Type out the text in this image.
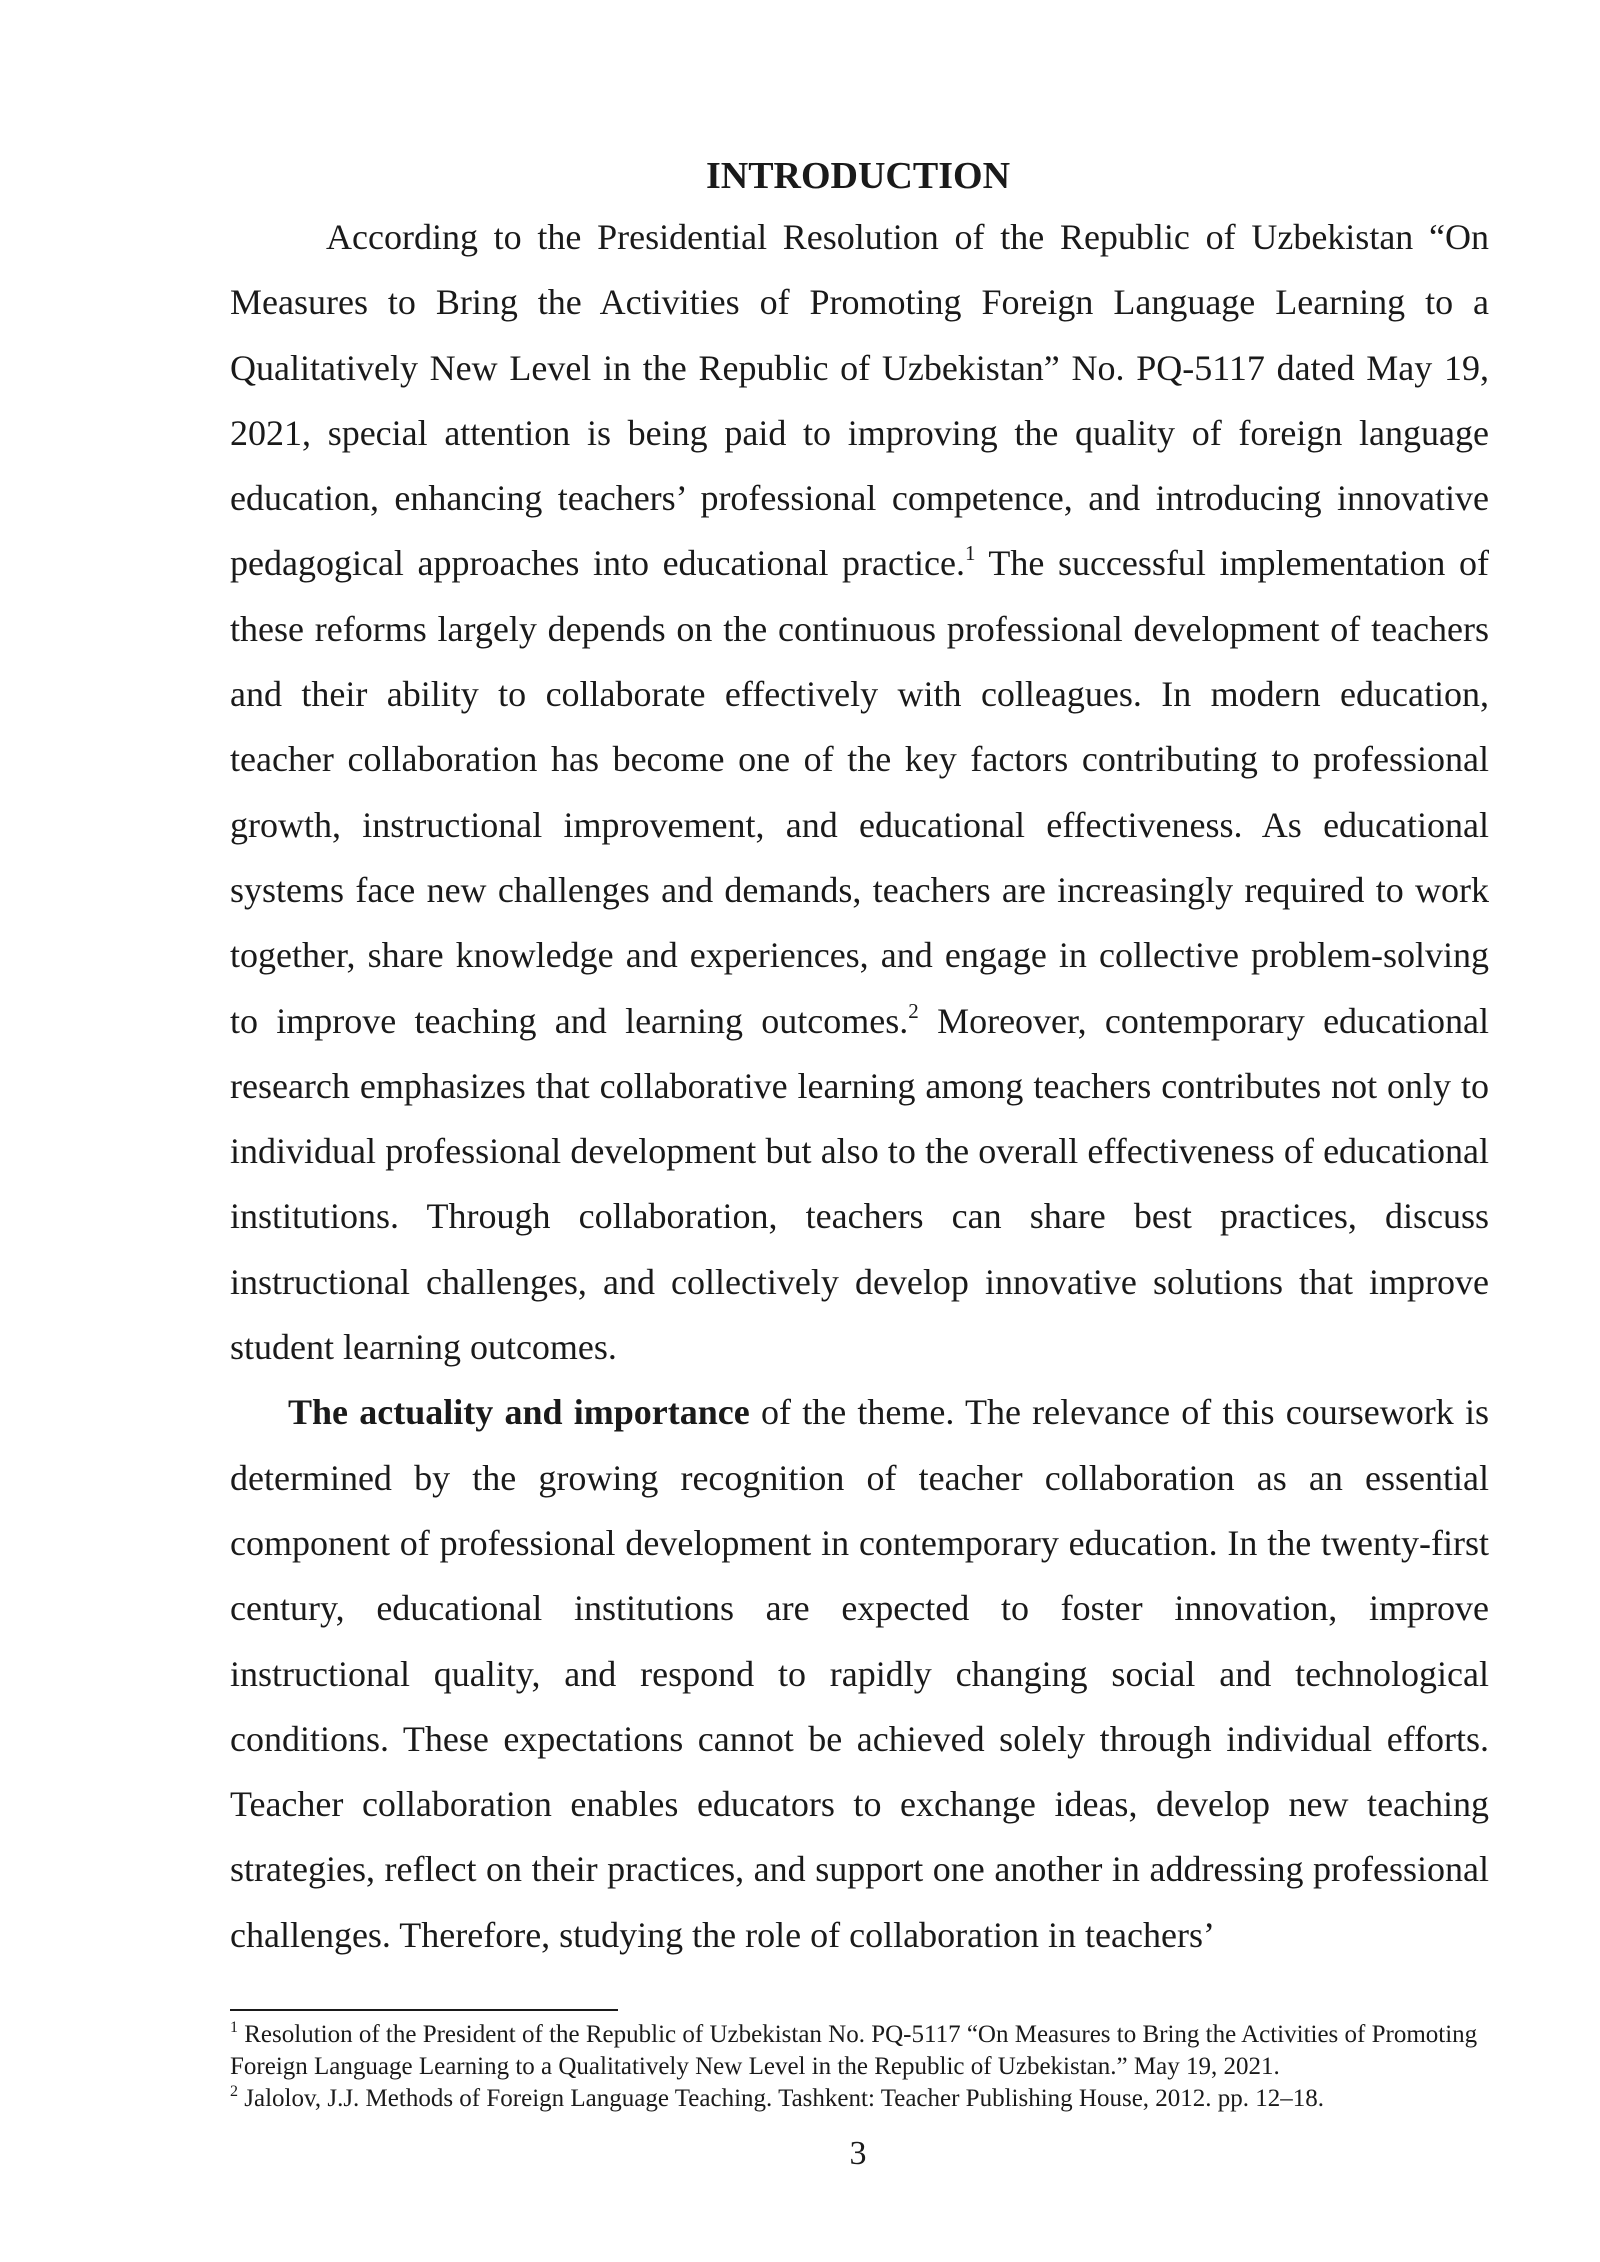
INTRODUCTION

According to the Presidential Resolution of the Republic of Uzbekistan “On Measures to Bring the Activities of Promoting Foreign Language Learning to a Qualitatively New Level in the Republic of Uzbekistan” No. PQ-5117 dated May 19, 2021, special attention is being paid to improving the quality of foreign language education, enhancing teachers’ professional competence, and introducing innovative pedagogical approaches into educational practice.$^1$ The successful implementation of these reforms largely depends on the continuous professional development of teachers and their ability to collaborate effectively with colleagues. In modern education, teacher collaboration has become one of the key factors contributing to professional growth, instructional improvement, and educational effectiveness. As educational systems face new challenges and demands, teachers are increasingly required to work together, share knowledge and experiences, and engage in collective problem-solving to improve teaching and learning outcomes.$^2$ Moreover, contemporary educational research emphasizes that collaborative learning among teachers contributes not only to individual professional development but also to the overall effectiveness of educational institutions. Through collaboration, teachers can share best practices, discuss instructional challenges, and collectively develop innovative solutions that improve student learning outcomes.

The actuality and importance of the theme. The relevance of this coursework is determined by the growing recognition of teacher collaboration as an essential component of professional development in contemporary education. In the twenty-first century, educational institutions are expected to foster innovation, improve instructional quality, and respond to rapidly changing social and technological conditions. These expectations cannot be achieved solely through individual efforts. Teacher collaboration enables educators to exchange ideas, develop new teaching strategies, reflect on their practices, and support one another in addressing professional challenges. Therefore, studying the role of collaboration in teachers’

$^1$ Resolution of the President of the Republic of Uzbekistan No. PQ-5117 “On Measures to Bring the Activities of Promoting Foreign Language Learning to a Qualitatively New Level in the Republic of Uzbekistan.” May 19, 2021.

$^2$ Jalolov, J.J. Methods of Foreign Language Teaching. Tashkent: Teacher Publishing House, 2012. pp. 12–18.

3
